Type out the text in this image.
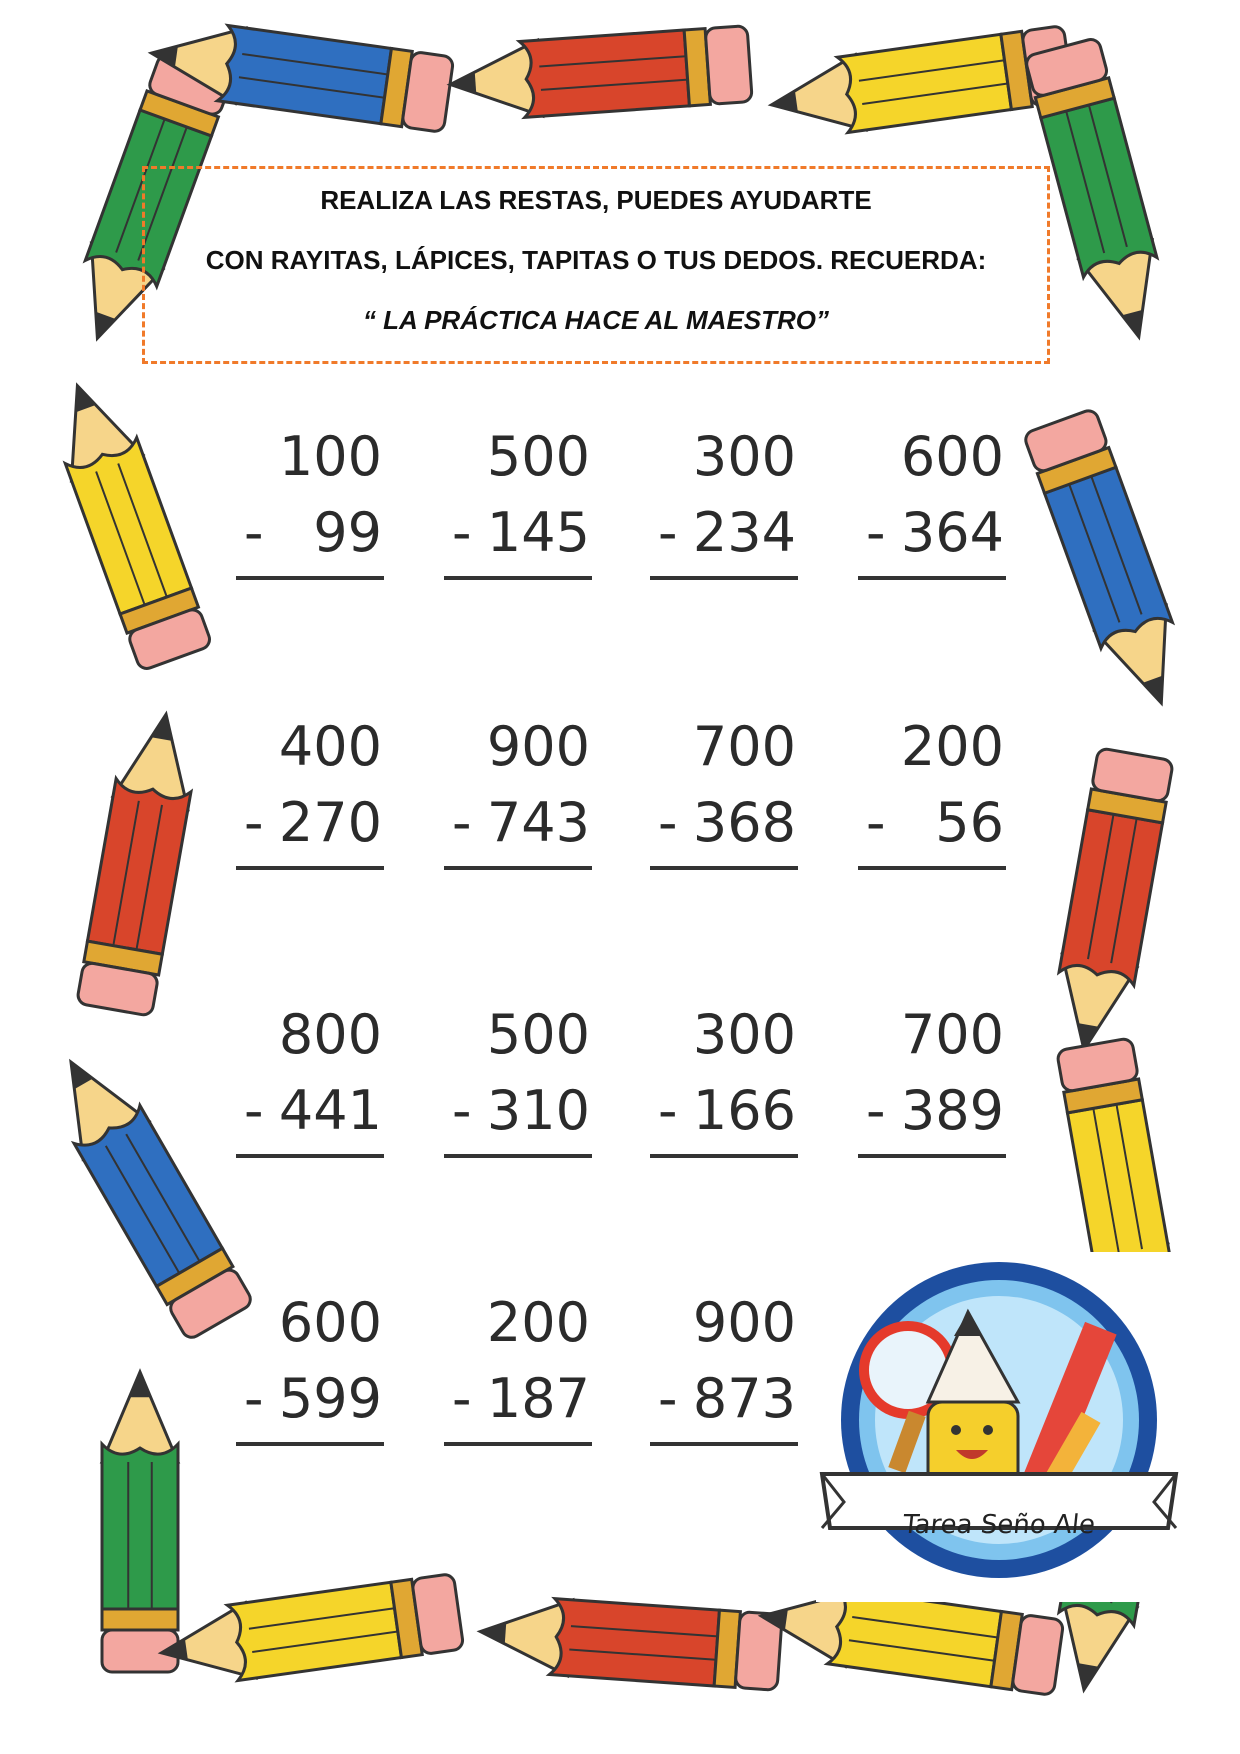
REALIZA LAS RESTAS, PUEDES AYUDARTE
CON RAYITAS, LÁPICES, TAPITAS O TUS DEDOS. RECUERDA:
“ LA PRÁCTICA HACE AL MAESTRO”
100
- 99
500
- 145
300
- 234
600
- 364
400
- 270
900
- 743
700
- 368
200
- 56
800
- 441
500
- 310
300
- 166
700
- 389
600
- 599
200
- 187
900
- 873
Tarea Seño Ale
